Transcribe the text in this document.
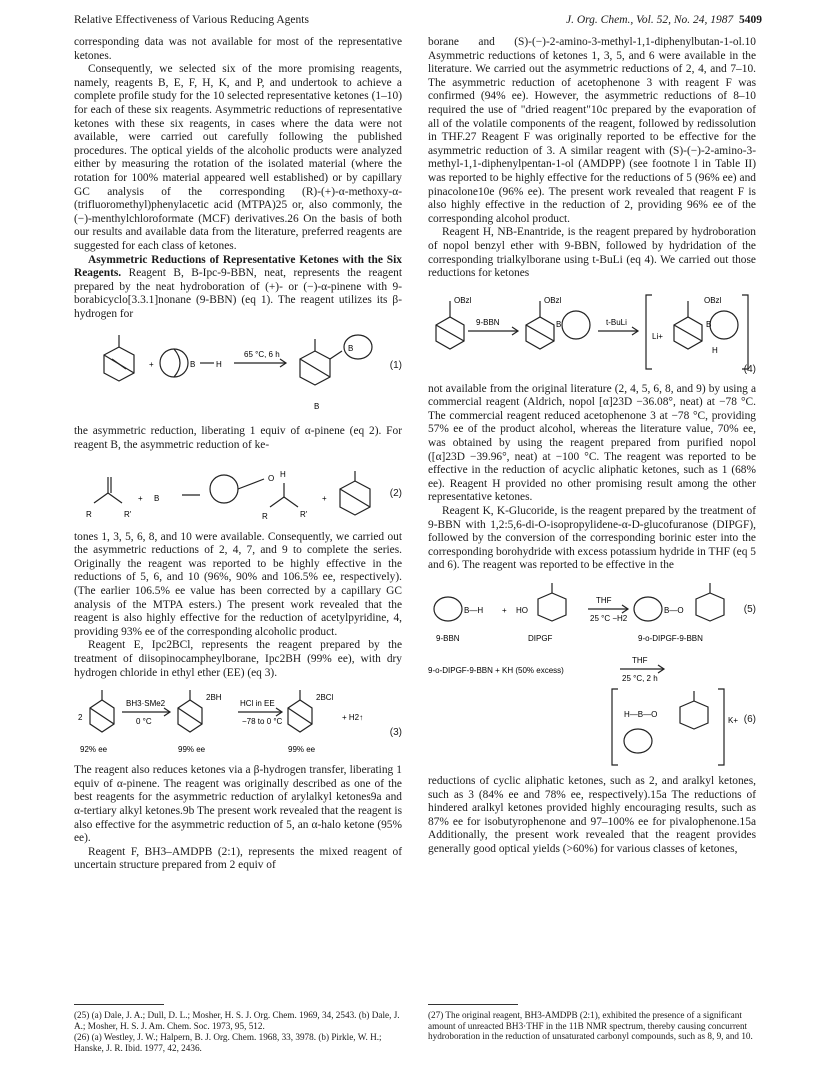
Relative Effectiveness of Various Reducing Agents	J. Org. Chem., Vol. 52, No. 24, 1987 5409

corresponding data was not available for most of the representative ketones.

Consequently, we selected six of the more promising reagents, namely, reagents B, E, F, H, K, and P, and undertook to achieve a complete profile study for the 10 selected representative ketones (1–10) for each of these six reagents. Asymmetric reductions of representative ketones with these six reagents, in cases where the data were not available, were carried out carefully following the published procedures. The optical yields of the alcoholic products were analyzed either by measuring the rotation of the isolated material (where the rotation for 100% material appeared well established) or by capillary GC analysis of the corresponding (R)-(+)-α-methoxy-α-(trifluoromethyl)phenylacetic acid (MTPA)25 or, also commonly, the (−)-menthylchloroformate (MCF) derivatives.26 On the basis of both our results and available data from the literature, preferred reagents are suggested for each class of ketones.

Asymmetric Reductions of Representative Ketones with the Six Reagents. Reagent B, B-Ipc-9-BBN, neat, represents the reagent prepared by the neat hydroboration of (+)- or (−)-α-pinene with 9-borabicyclo[3.3.1]nonane (9-BBN) (eq 1). The reagent utilizes its β-hydrogen for

+	B	H
65 °C, 6 h
B
B
(1)

the asymmetric reduction, liberating 1 equiv of α-pinene (eq 2). For reagent B, the asymmetric reduction of ke-

R	R'
+ B
O H
R	R'
+	(2)

tones 1, 3, 5, 6, 8, and 10 were available. Consequently, we carried out the asymmetric reductions of 2, 4, 7, and 9 to complete the series. Originally the reagent was reported to be highly effective in the reductions of 5, 6, and 10 (96%, 90% and 106.5% ee, respectively). (The earlier 106.5% ee value has been corrected by a capillary GC analysis of the MTPA esters.) The present work revealed that the reagent is also highly effective for the reduction of acetylpyridine, 4, providing 93% ee of the corresponding alcoholic product.

Reagent E, Ipc2BCl, represents the reagent prepared by the treatment of diisopinocampheylborane, Ipc2BH (99% ee), with dry hydrogen chloride in ethyl ether (EE) (eq 3).

2
BH3·SMe2
0 °C
2BH
HCl in EE
−78 to 0 °C
2BCl
+ H2↑
92% ee	99% ee	99% ee
(3)

The reagent also reduces ketones via a β-hydrogen transfer, liberating 1 equiv of α-pinene. The reagent was originally described as one of the best reagents for the asymmetric reduction of arylalkyl ketones9a and α-tertiary alkyl ketones.9b The present work revealed that the reagent is also effective for the asymmetric reduction of 5, an α-halo ketone (95% ee).

Reagent F, BH3–AMDPB (2:1), represents the mixed reagent of uncertain structure prepared from 2 equiv of

borane and (S)-(−)-2-amino-3-methyl-1,1-diphenylbutan-1-ol.10 Asymmetric reductions of ketones 1, 3, 5, and 6 were available in the literature. We carried out the asymmetric reductions of 2, 4, and 7–10. The asymmetric reduction of acetophenone 3 with reagent F was confirmed (94% ee). However, the asymmetric reductions of 8–10 required the use of "dried reagent"10c prepared by the evaporation of all of the volatile components of the reagent, followed by redissolution in THF.27 Reagent F was originally reported to be effective for the asymmetric reduction of 3. A similar reagent with (S)-(−)-2-amino-3-methyl-1,1-diphenylpentan-1-ol (AMDPP) (see footnote l in Table II) was reported to be highly effective for the reductions of 5 (96% ee) and pinacolone10e (96% ee). The present work revealed that reagent F is also highly effective in the reduction of 2, providing 96% ee of the corresponding alcohol product.

Reagent H, NB-Enantride, is the reagent prepared by hydroboration of nopol benzyl ether with 9-BBN, followed by hydridation of the corresponding trialkylborane using t-BuLi (eq 4). We carried out those reductions for ketones

OBzl
9-BBN
OBzl
B	t-BuLi
Li+
OBzl
B
H
(4)

not available from the original literature (2, 4, 5, 6, 8, and 9) by using a commercial reagent (Aldrich, nopol [α]23D −36.08°, neat) at −78 °C. The commercial reagent reduced acetophenone 3 at −78 °C, providing 57% ee of the product alcohol, whereas the literature value, 70% ee, was obtained by using the reagent prepared from purified nopol ([α]23D −39.96°, neat) at −100 °C. The reagent was reported to be effective in the reduction of acyclic aliphatic ketones, such as 1 (68% ee). Reagent H provided no other promising result among the other representative ketones.

Reagent K, K-Glucoride, is the reagent prepared by the treatment of 9-BBN with 1,2:5,6-di-O-isopropylidene-α-D-glucofuranose (DIPGF), followed by the conversion of the corresponding borinic ester into the corresponding borohydride with excess potassium hydride in THF (eq 5 and 6). The reagent was reported to be effective in the

B—H + HO
THF
25 °C −H2
B—O
9-BBN	DIPGF	9-o-DIPGF-9-BBN
(5)
9-o-DIPGF-9-BBN + KH (50% excess)
THF
25 °C, 2 h
H—B—O
K+ (6)

reductions of cyclic aliphatic ketones, such as 2, and aralkyl ketones, such as 3 (84% ee and 78% ee, respectively).15a The reductions of hindered aralkyl ketones provided highly encouraging results, such as 87% ee for isobutyrophenone and 97–100% ee for pivalophenone.15a Additionally, the present work revealed that the reagent provides generally good optical yields (>60%) for various classes of ketones,

(25) (a) Dale, J. A.; Dull, D. L.; Mosher, H. S. J. Org. Chem. 1969, 34, 2543. (b) Dale, J. A.; Mosher, H. S. J. Am. Chem. Soc. 1973, 95, 512.

(26) (a) Westley, J. W.; Halpern, B. J. Org. Chem. 1968, 33, 3978. (b) Pirkle, W. H.; Hanske, J. R. Ibid. 1977, 42, 2436.

(27) The original reagent, BH3-AMDPB (2:1), exhibited the presence of a significant amount of unreacted BH3·THF in the 11B NMR spectrum, thereby causing concurrent hydroboration in the reduction of unsaturated carbonyl compounds, such as 8, 9, and 10.
